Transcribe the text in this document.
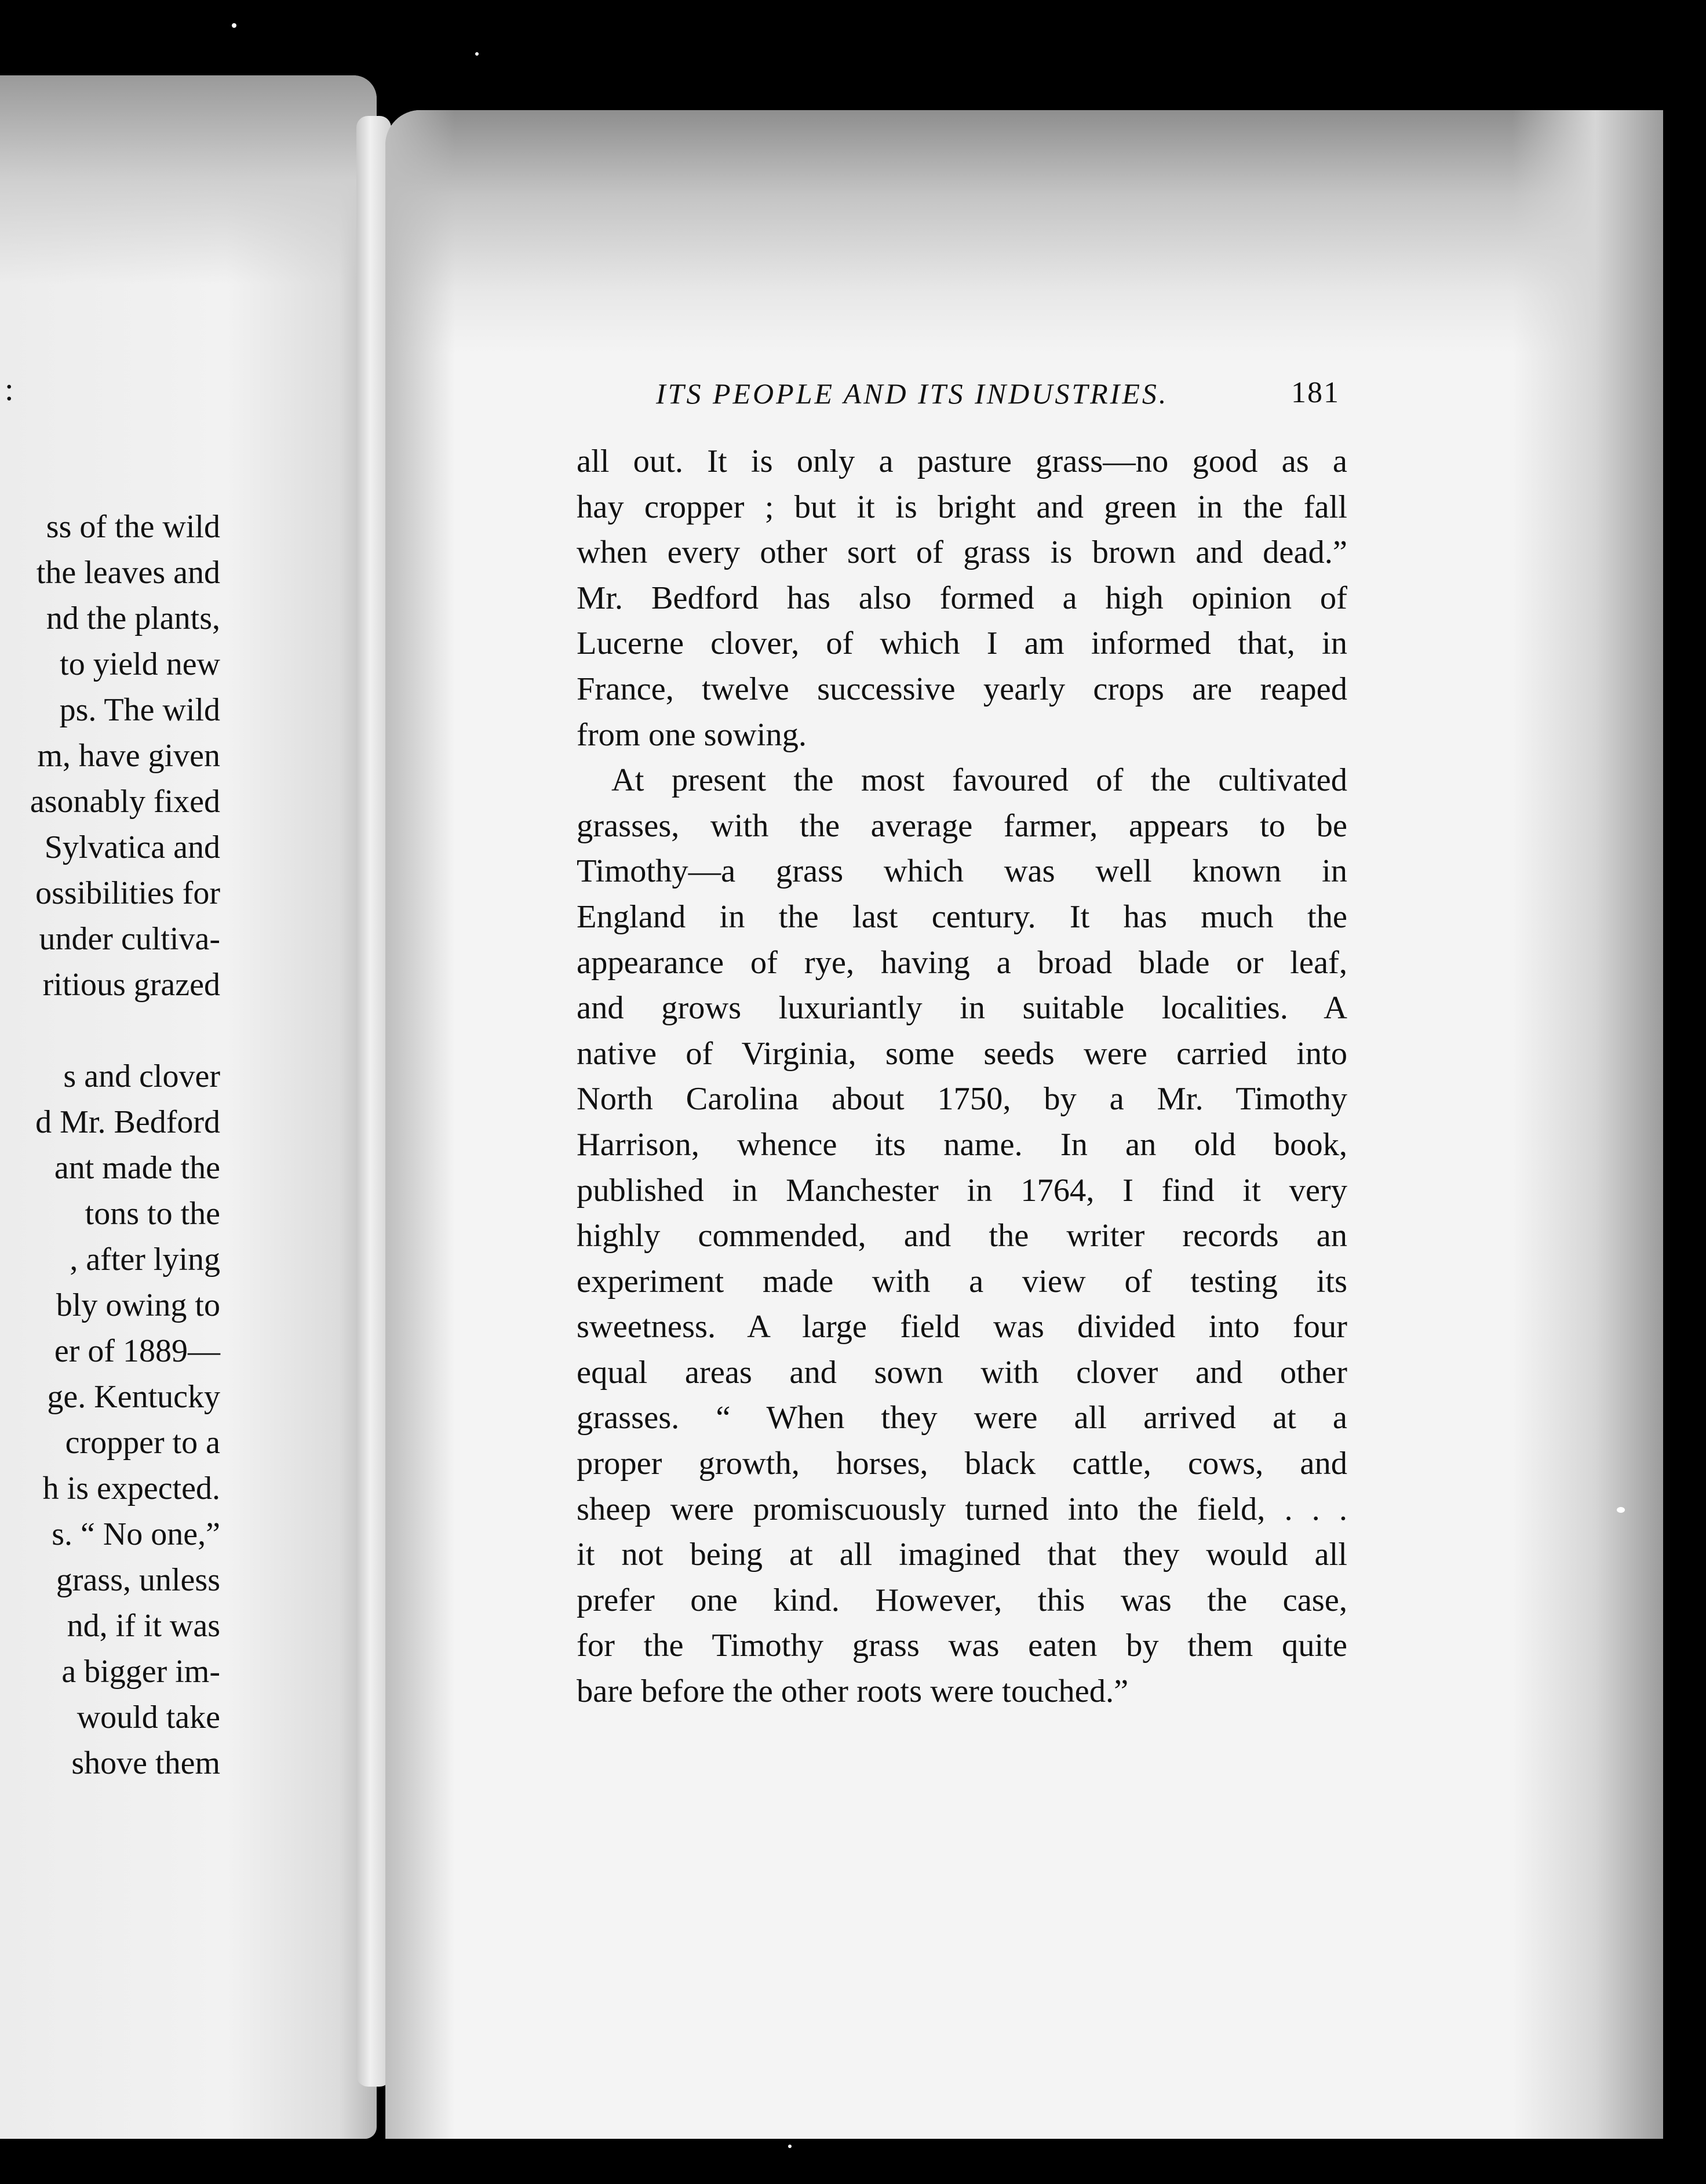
:
ss of the wild
the leaves and
nd the plants,
to yield new
ps. The wild
m, have given
asonably fixed
Sylvatica and
ossibilities for
under cultiva-
ritious grazed
s and clover
d Mr. Bedford
ant made the
tons to the
, after lying
bly owing to
er of 1889—
ge. Kentucky
cropper to a
h is expected.
s. “ No one,”
grass, unless
nd, if it was
a bigger im-
would take
shove them
ITS PEOPLE AND ITS INDUSTRIES.	181

all out. It is only a pasture grass—no good as a
hay cropper ; but it is bright and green in the fall
when every other sort of grass is brown and dead.”
Mr. Bedford has also formed a high opinion of
Lucerne clover, of which I am informed that, in
France, twelve successive yearly crops are reaped
from one sowing.

At present the most favoured of the cultivated
grasses, with the average farmer, appears to be
Timothy—a grass which was well known in
England in the last century. It has much the
appearance of rye, having a broad blade or leaf,
and grows luxuriantly in suitable localities. A
native of Virginia, some seeds were carried into
North Carolina about 1750, by a Mr. Timothy
Harrison, whence its name. In an old book,
published in Manchester in 1764, I find it very
highly commended, and the writer records an
experiment made with a view of testing its
sweetness. A large field was divided into four
equal areas and sown with clover and other
grasses. “ When they were all arrived at a
proper growth, horses, black cattle, cows, and
sheep were promiscuously turned into the field, . . .
it not being at all imagined that they would all
prefer one kind. However, this was the case,
for the Timothy grass was eaten by them quite
bare before the other roots were touched.”
